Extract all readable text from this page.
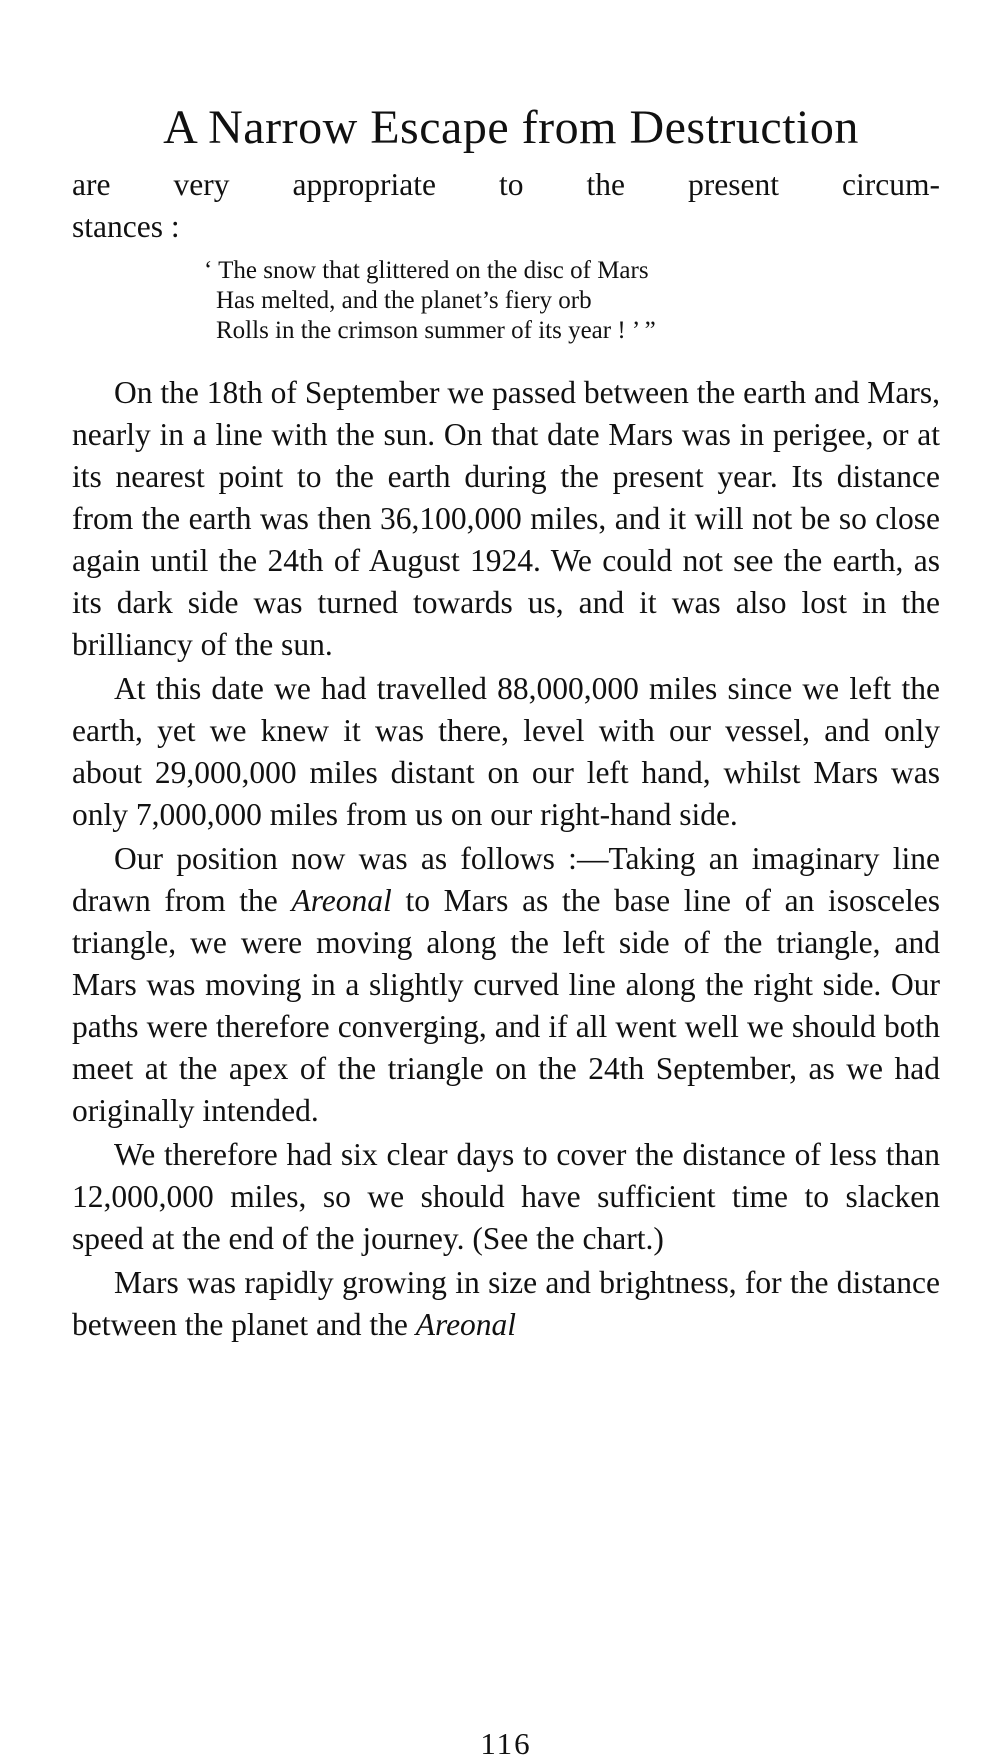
A Narrow Escape from Destruction

are very appropriate to the present circum-

stances :

‘ The snow that glittered on the disc of Mars
Has melted, and the planet’s fiery orb
Rolls in the crimson summer of its year ! ’ ”

On the 18th of September we passed between the earth and Mars, nearly in a line with the sun. On that date Mars was in perigee, or at its nearest point to the earth during the present year. Its distance from the earth was then 36,100,000 miles, and it will not be so close again until the 24th of August 1924. We could not see the earth, as its dark side was turned towards us, and it was also lost in the brilliancy of the sun.

At this date we had travelled 88,000,000 miles since we left the earth, yet we knew it was there, level with our vessel, and only about 29,000,000 miles distant on our left hand, whilst Mars was only 7,000,000 miles from us on our right-hand side.

Our position now was as follows :—Taking an imaginary line drawn from the Areonal to Mars as the base line of an isosceles triangle, we were moving along the left side of the triangle, and Mars was moving in a slightly curved line along the right side. Our paths were therefore converging, and if all went well we should both meet at the apex of the triangle on the 24th September, as we had originally intended.

We therefore had six clear days to cover the distance of less than 12,000,000 miles, so we should have sufficient time to slacken speed at the end of the journey. (See the chart.)

Mars was rapidly growing in size and brightness, for the distance between the planet and the Areonal

116
